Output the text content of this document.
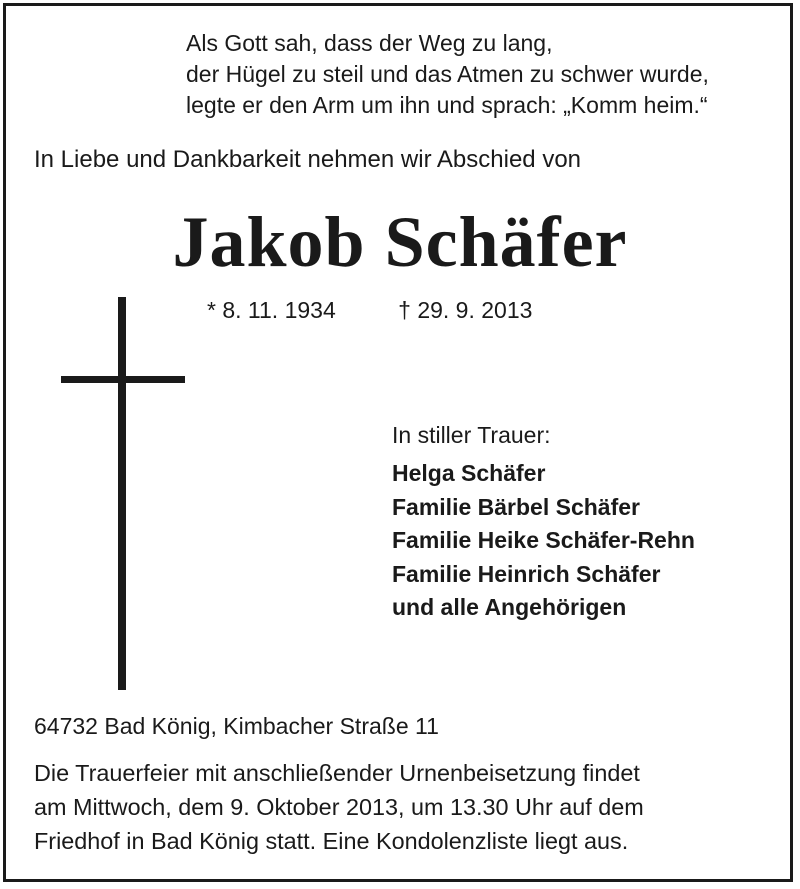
Als Gott sah, dass der Weg zu lang,
der Hügel zu steil und das Atmen zu schwer wurde,
legte er den Arm um ihn und sprach: „Komm heim.“
In Liebe und Dankbarkeit nehmen wir Abschied von
Jakob Schäfer
* 8. 11. 1934	† 29. 9. 2013
In stiller Trauer:
Helga Schäfer
Familie Bärbel Schäfer
Familie Heike Schäfer-Rehn
Familie Heinrich Schäfer
und alle Angehörigen
64732 Bad König, Kimbacher Straße 11
Die Trauerfeier mit anschließender Urnenbeisetzung findet
am Mittwoch, dem 9. Oktober 2013, um 13.30 Uhr auf dem
Friedhof in Bad König statt. Eine Kondolenzliste liegt aus.
